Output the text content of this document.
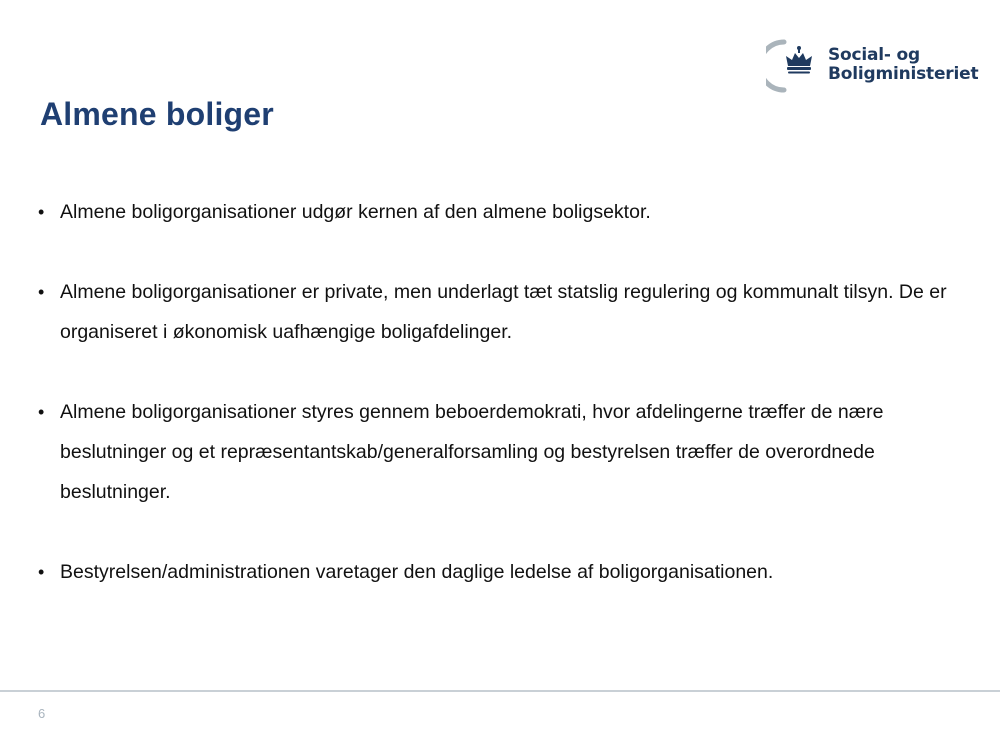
Social- og
Boligministeriet
Almene boliger
• Almene boligorganisationer udgør kernen af den almene boligsektor.
• Almene boligorganisationer er private, men underlagt tæt statslig regulering og kommunalt tilsyn. De er organiseret i økonomisk uafhængige boligafdelinger.
• Almene boligorganisationer styres gennem beboerdemokrati, hvor afdelingerne træffer de nære beslutninger og et repræsentantskab/generalforsamling og bestyrelsen træffer de overordnede beslutninger.
• Bestyrelsen/administrationen varetager den daglige ledelse af boligorganisationen.
6
